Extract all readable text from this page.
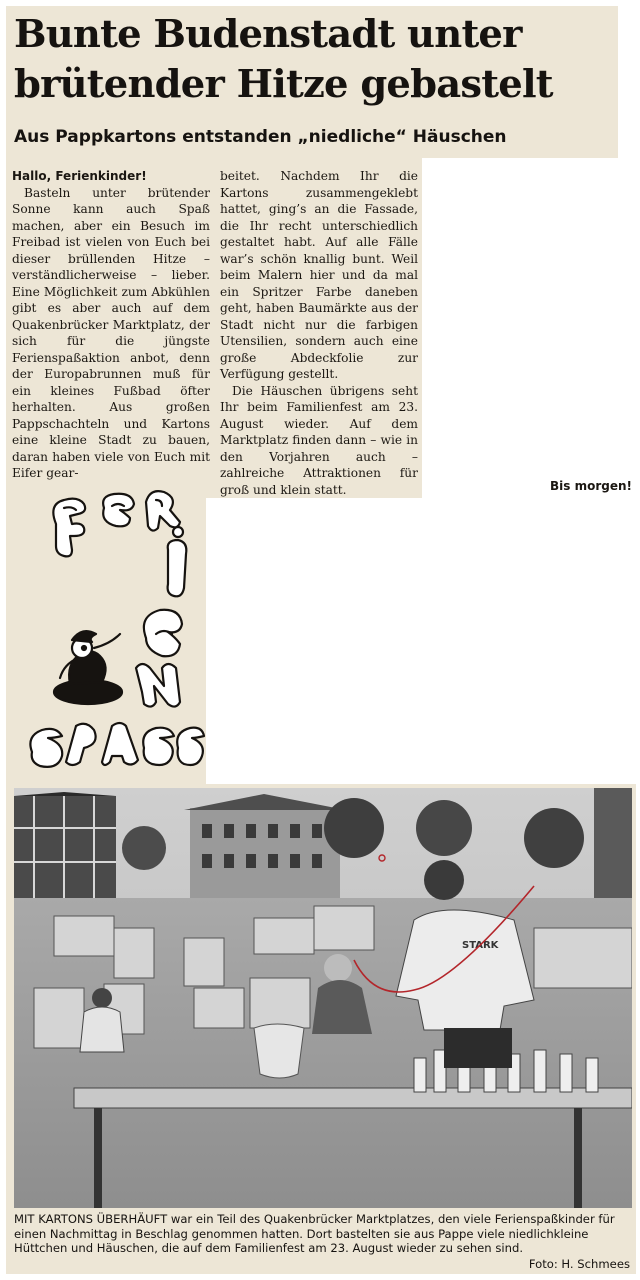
Bunte Budenstadt unter
brütender Hitze gebastelt
Aus Pappkartons entstanden „niedliche“ Häuschen

Hallo, Ferienkinder!

Basteln unter brütender Sonne kann auch Spaß machen, aber ein Besuch im Freibad ist vielen von Euch bei dieser brüllenden Hitze – verständlicherweise – lieber. Eine Möglichkeit zum Abkühlen gibt es aber auch auf dem Quakenbrücker Marktplatz, der sich für die jüngste Ferienspaßaktion anbot, denn der Europabrunnen muß für ein kleines Fußbad öfter herhalten. Aus großen Pappschachteln und Kartons eine kleine Stadt zu bauen, daran haben viele von Euch mit Eifer gear-

beitet. Nachdem Ihr die Kartons zusammengeklebt hattet, ging’s an die Fassade, die Ihr recht unterschiedlich gestaltet habt. Auf alle Fälle war’s schön knallig bunt. Weil beim Malern hier und da mal ein Spritzer Farbe daneben geht, haben Baumärkte aus der Stadt nicht nur die farbigen Utensilien, sondern auch eine große Abdeckfolie zur Verfügung gestellt.

Die Häuschen übrigens seht Ihr beim Familienfest am 23. August wieder. Auf dem Marktplatz finden dann – wie in den Vorjahren auch – zahlreiche Attraktionen für groß und klein statt.	Bis morgen!
STARK

MIT KARTONS ÜBERHÄUFT war ein Teil des Quakenbrücker Marktplatzes, den viele Ferienspaßkinder für einen Nachmittag in Beschlag genommen hatten. Dort bastelten sie aus Pappe viele niedlichkleine Hüttchen und Häuschen, die auf dem Familienfest am 23. August wieder zu sehen sind.

Foto: H. Schmees
